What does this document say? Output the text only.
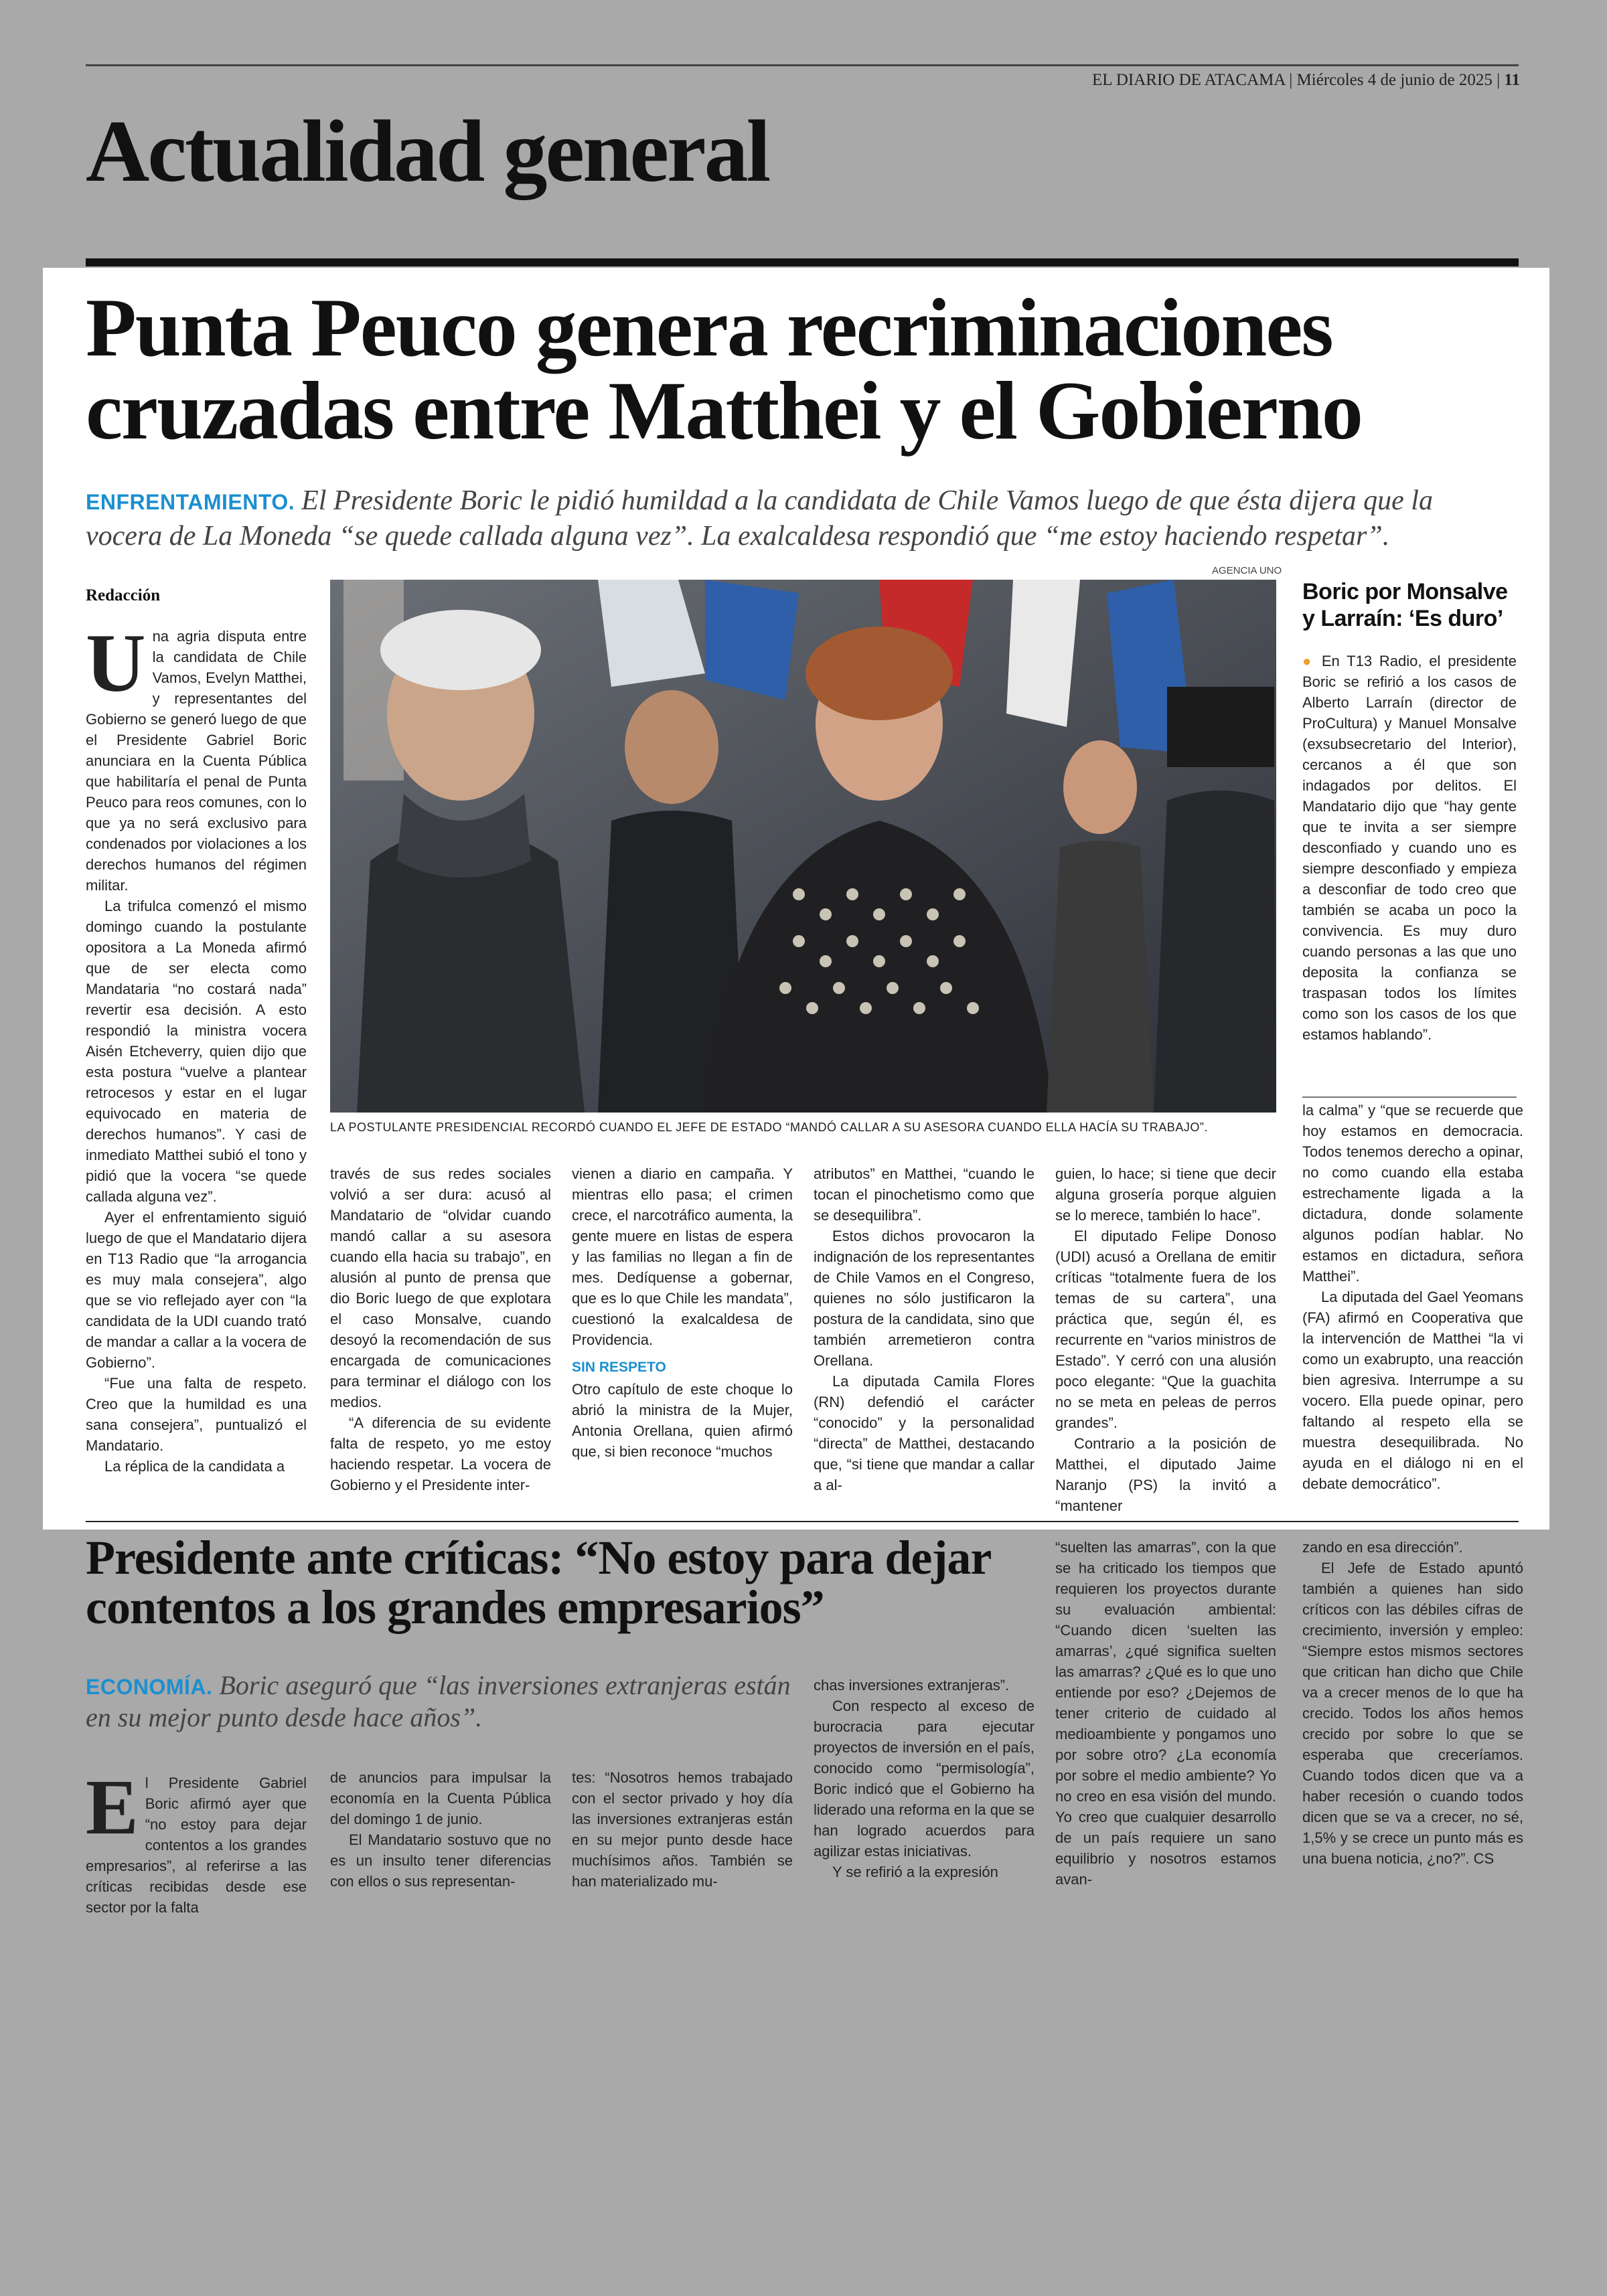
EL DIARIO DE ATACAMA | Miércoles 4 de junio de 2025 | 11
Actualidad general
Punta Peuco genera recriminaciones cruzadas entre Matthei y el Gobierno
ENFRENTAMIENTO. El Presidente Boric le pidió humildad a la candidata de Chile Vamos luego de que ésta dijera que la vocera de La Moneda “se quede callada alguna vez”. La exalcaldesa respondió que “me estoy haciendo respetar”.
AGENCIA UNO
Redacción

Una agria disputa entre la candidata de Chile Vamos, Evelyn Matthei, y representantes del Gobierno se generó luego de que el Presidente Gabriel Boric anunciara en la Cuenta Pública que habilitaría el penal de Punta Peuco para reos comunes, con lo que ya no será exclusivo para condenados por violaciones a los derechos humanos del régimen militar.

La trifulca comenzó el mismo domingo cuando la postulante opositora a La Moneda afirmó que de ser electa como Mandataria “no costará nada” revertir esa decisión. A esto respondió la ministra vocera Aisén Etcheverry, quien dijo que esta postura “vuelve a plantear retrocesos y estar en el lugar equivocado en materia de derechos humanos”. Y casi de inmediato Matthei subió el tono y pidió que la vocera “se quede callada alguna vez”.

Ayer el enfrentamiento siguió luego de que el Mandatario dijera en T13 Radio que “la arrogancia es muy mala consejera”, algo que se vio reflejado ayer con “la candidata de la UDI cuando trató de mandar a callar a la vocera de Gobierno”.

“Fue una falta de respeto. Creo que la humildad es una sana consejera”, puntualizó el Mandatario.

La réplica de la candidata a

LA POSTULANTE PRESIDENCIAL RECORDÓ CUANDO EL JEFE DE ESTADO “MANDÓ CALLAR A SU ASESORA CUANDO ELLA HACÍA SU TRABAJO”.
Boric por Monsalve y Larraín: ‘Es duro’

● En T13 Radio, el presidente Boric se refirió a los casos de Alberto Larraín (director de ProCultura) y Manuel Monsalve (exsubsecretario del Interior), cercanos a él que son indagados por delitos. El Mandatario dijo que “hay gente que te invita a ser siempre desconfiado y cuando uno es siempre desconfiado y empieza a desconfiar de todo creo que también se acaba un poco la convivencia. Es muy duro cuando personas a las que uno deposita la confianza se traspasan todos los límites como son los casos de los que estamos hablando”.

través de sus redes sociales volvió a ser dura: acusó al Mandatario de “olvidar cuando mandó callar a su asesora cuando ella hacia su trabajo”, en alusión al punto de prensa que dio Boric luego de que explotara el caso Monsalve, cuando desoyó la recomendación de sus encargada de comunicaciones para terminar el diálogo con los medios.

“A diferencia de su evidente falta de respeto, yo me estoy haciendo respetar. La vocera de Gobierno y el Presidente inter-

vienen a diario en campaña. Y mientras ello pasa; el crimen crece, el narcotráfico aumenta, la gente muere en listas de espera y las familias no llegan a fin de mes. Dedíquense a gobernar, que es lo que Chile les mandata”, cuestionó la exalcaldesa de Providencia.

SIN RESPETO

Otro capítulo de este choque lo abrió la ministra de la Mujer, Antonia Orellana, quien afirmó que, si bien reconoce “muchos

atributos” en Matthei, “cuando le tocan el pinochetismo como que se desequilibra”.

Estos dichos provocaron la indignación de los representantes de Chile Vamos en el Congreso, quienes no sólo justificaron la postura de la candidata, sino que también arremetieron contra Orellana.

La diputada Camila Flores (RN) defendió el carácter “conocido” y la personalidad “directa” de Matthei, destacando que, “si tiene que mandar a callar a al-

guien, lo hace; si tiene que decir alguna grosería porque alguien se lo merece, también lo hace”.

El diputado Felipe Donoso (UDI) acusó a Orellana de emitir críticas “totalmente fuera de los temas de su cartera”, una práctica que, según él, es recurrente en “varios ministros de Estado”. Y cerró con una alusión poco elegante: “Que la guachita no se meta en peleas de perros grandes”.

Contrario a la posición de Matthei, el diputado Jaime Naranjo (PS) la invitó a “mantener

la calma” y “que se recuerde que hoy estamos en democracia. Todos tenemos derecho a opinar, no como cuando ella estaba estrechamente ligada a la dictadura, donde solamente algunos podían hablar. No estamos en dictadura, señora Matthei”.

La diputada del Gael Yeomans (FA) afirmó en Cooperativa que la intervención de Matthei “la vi como un exabrupto, una reacción bien agresiva. Interrumpe a su vocero. Ella puede opinar, pero faltando al respeto ella se muestra desequilibrada. No ayuda en el diálogo ni en el debate democrático”.

Presidente ante críticas: “No estoy para dejar contentos a los grandes empresarios”
ECONOMÍA. Boric aseguró que “las inversiones extranjeras están en su mejor punto desde hace años”.

El Presidente Gabriel Boric afirmó ayer que “no estoy para dejar contentos a los grandes empresarios”, al referirse a las críticas recibidas desde ese sector por la falta

de anuncios para impulsar la economía en la Cuenta Pública del domingo 1 de junio.

El Mandatario sostuvo que no es un insulto tener diferencias con ellos o sus representan-

tes: “Nosotros hemos trabajado con el sector privado y hoy día las inversiones extranjeras están en su mejor punto desde hace muchísimos años. También se han materializado mu-

chas inversiones extranjeras”.

Con respecto al exceso de burocracia para ejecutar proyectos de inversión en el país, conocido como “permisología”, Boric indicó que el Gobierno ha liderado una reforma en la que se han logrado acuerdos para agilizar estas iniciativas.

Y se refirió a la expresión

“suelten las amarras”, con la que se ha criticado los tiempos que requieren los proyectos durante su evaluación ambiental: “Cuando dicen ‘suelten las amarras’, ¿qué significa suelten las amarras? ¿Qué es lo que uno entiende por eso? ¿Dejemos de tener criterio de cuidado al medioambiente y pongamos uno por sobre otro? ¿La economía por sobre el medio ambiente? Yo no creo en esa visión del mundo. Yo creo que cualquier desarrollo de un país requiere un sano equilibrio y nosotros estamos avan-

zando en esa dirección”.

El Jefe de Estado apuntó también a quienes han sido críticos con las débiles cifras de crecimiento, inversión y empleo: “Siempre estos mismos sectores que critican han dicho que Chile va a crecer menos de lo que ha crecido. Todos los años hemos crecido por sobre lo que se esperaba que creceríamos. Cuando todos dicen que va a haber recesión o cuando todos dicen que se va a crecer, no sé, 1,5% y se crece un punto más es una buena noticia, ¿no?”. CS
